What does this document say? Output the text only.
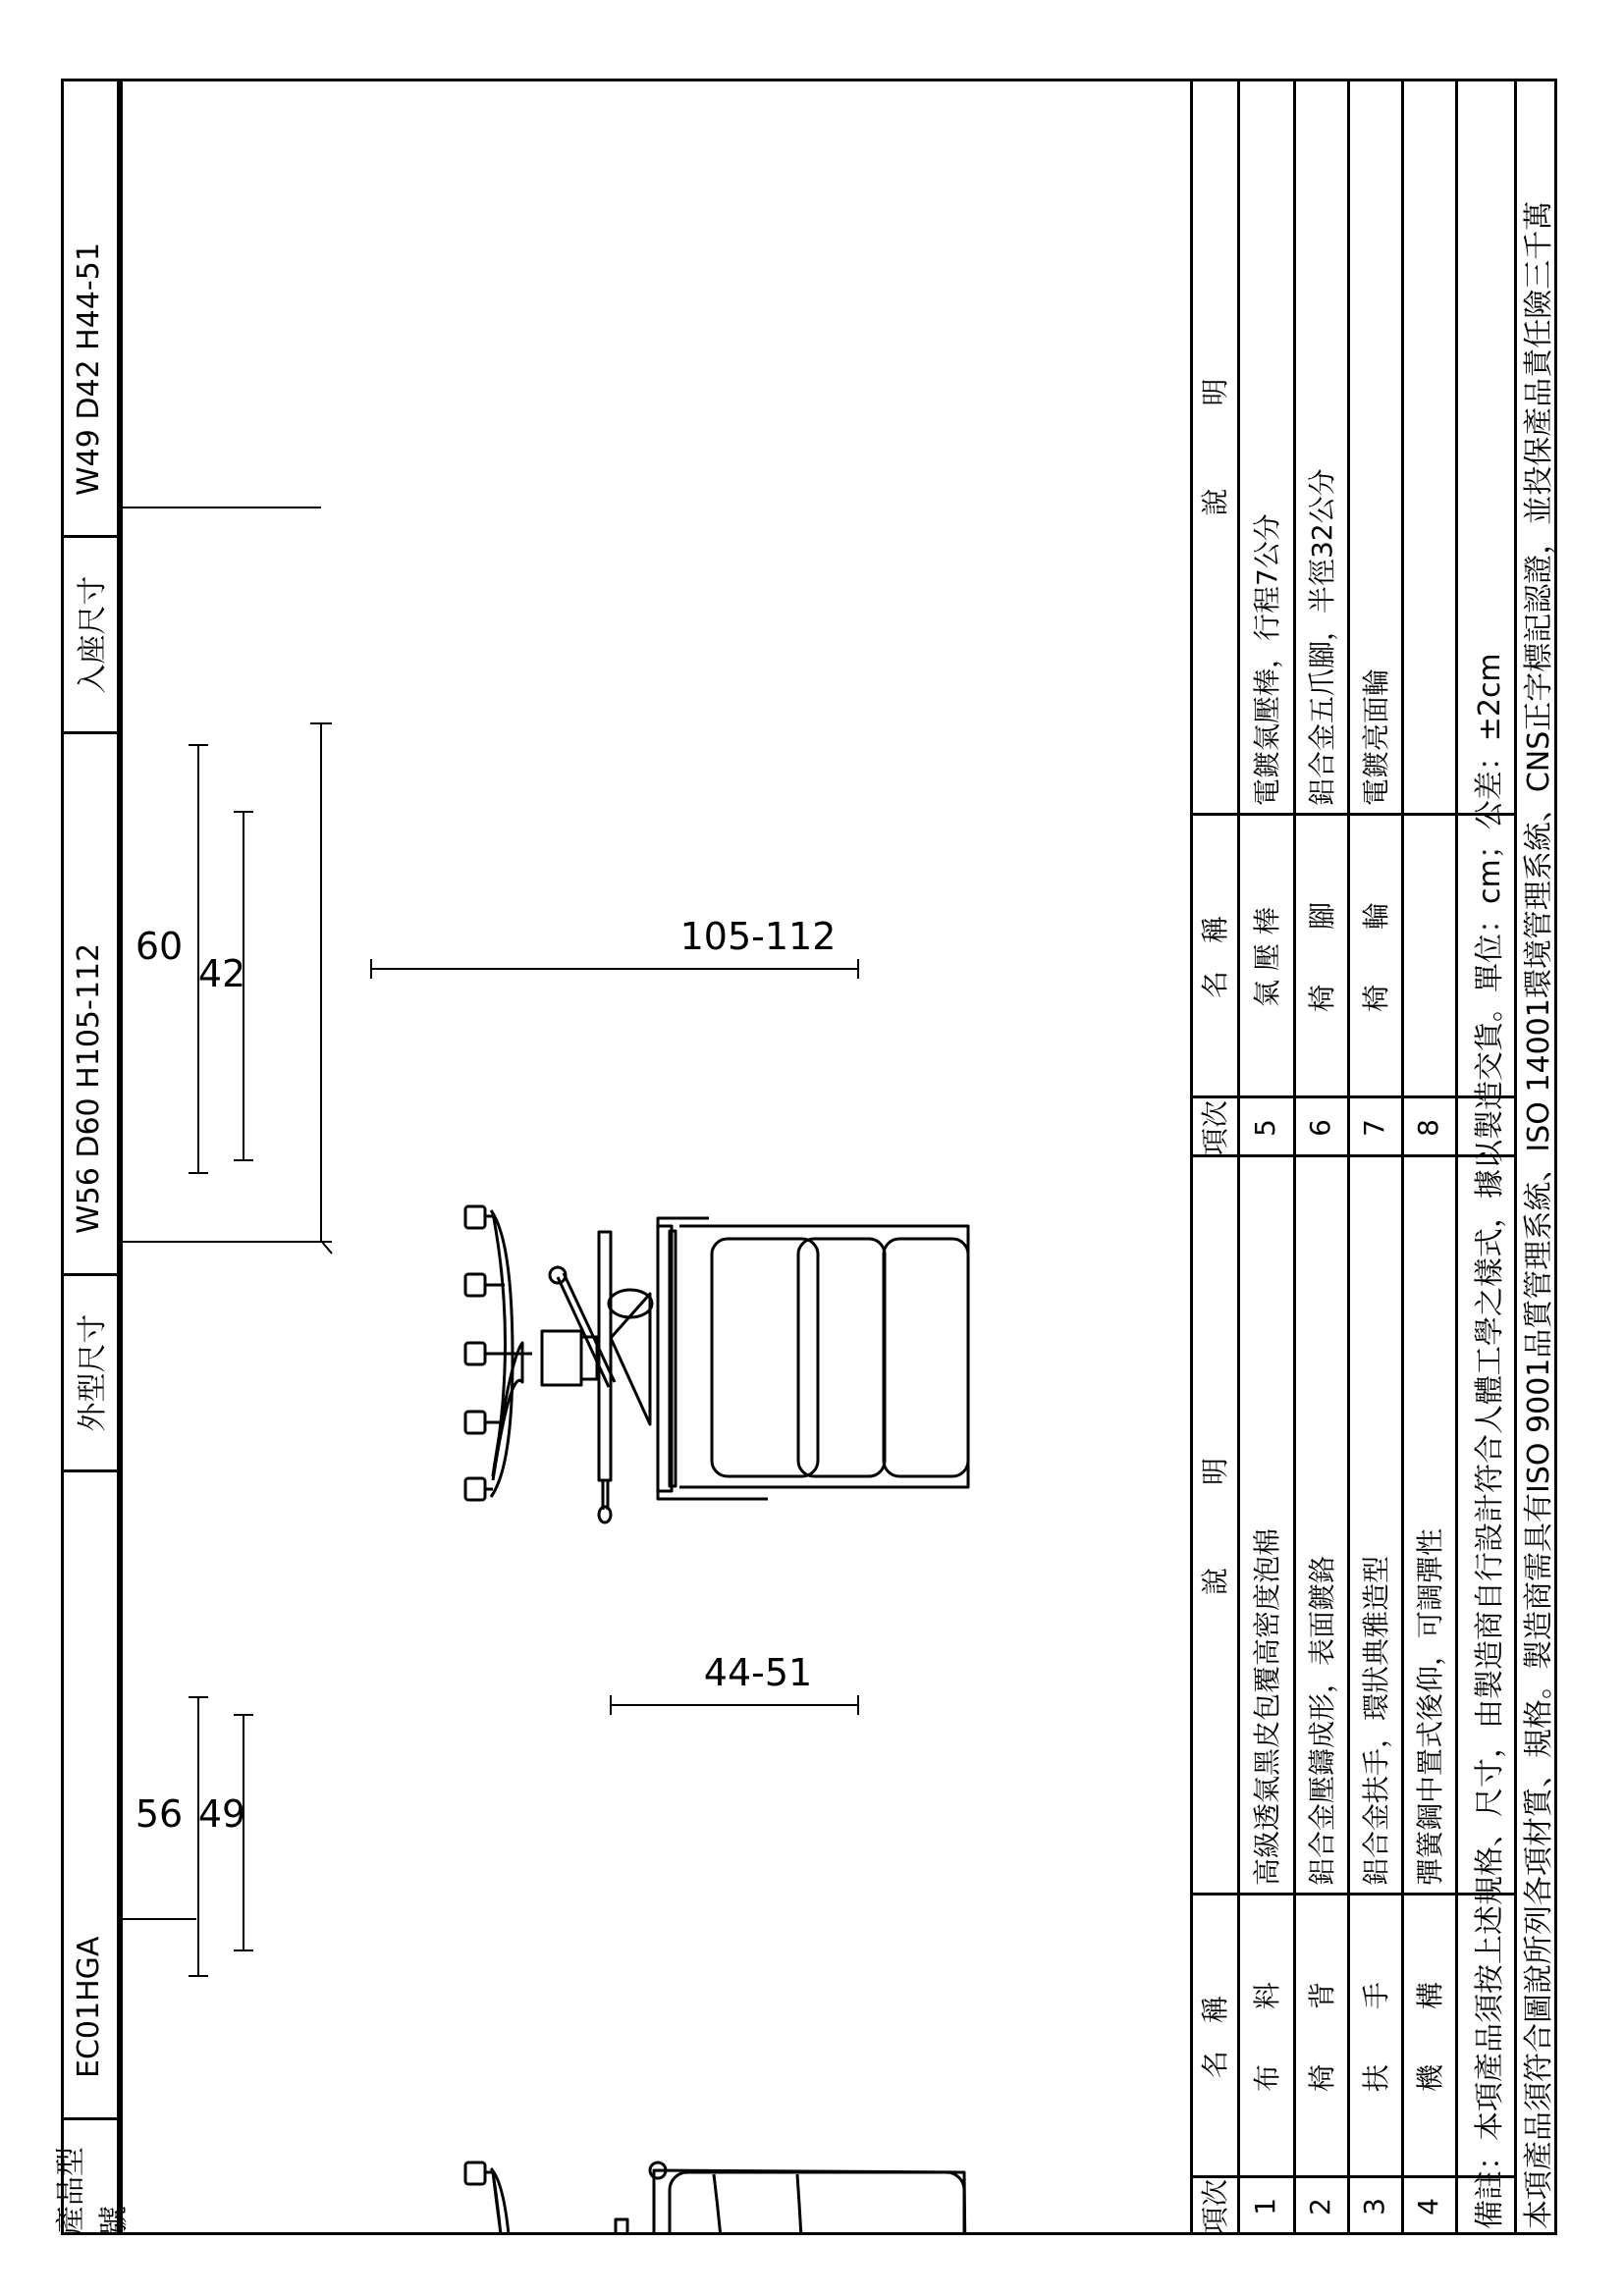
產品型號
EC01HGA
外型尺寸
W56 D60 H105-112
入座尺寸
W49 D42 H44-51
56 49
44-51
60
42
105-112
項次
名　稱
說　　　明
項次
名　稱
說　　　明
1
布　　料
高級透氣黑皮包覆高密度泡棉
5
氣 壓 棒
電鍍氣壓棒，行程7公分
2
椅　　背
鋁合金壓鑄成形，表面鍍鉻
6
椅　　腳
鋁合金五爪腳，半徑32公分
3
扶　　手
鋁合金扶手，環狀典雅造型
7
椅　　輪
電鍍亮面輪
4
機　　構
彈簧鋼中置式後仰，可調彈性
8 備註：本項產品須按上述規格、尺寸，由製造商自行設計符合人體工學之樣式，據以製造交貨。單位：cm；公差：±2cm 本項產品須符合圖說所列各項材質、規格。製造商需具有ISO 9001品質管理系統、ISO 14001環境管理系統、CNS正字標記認證，並投保產品責任險三千萬
